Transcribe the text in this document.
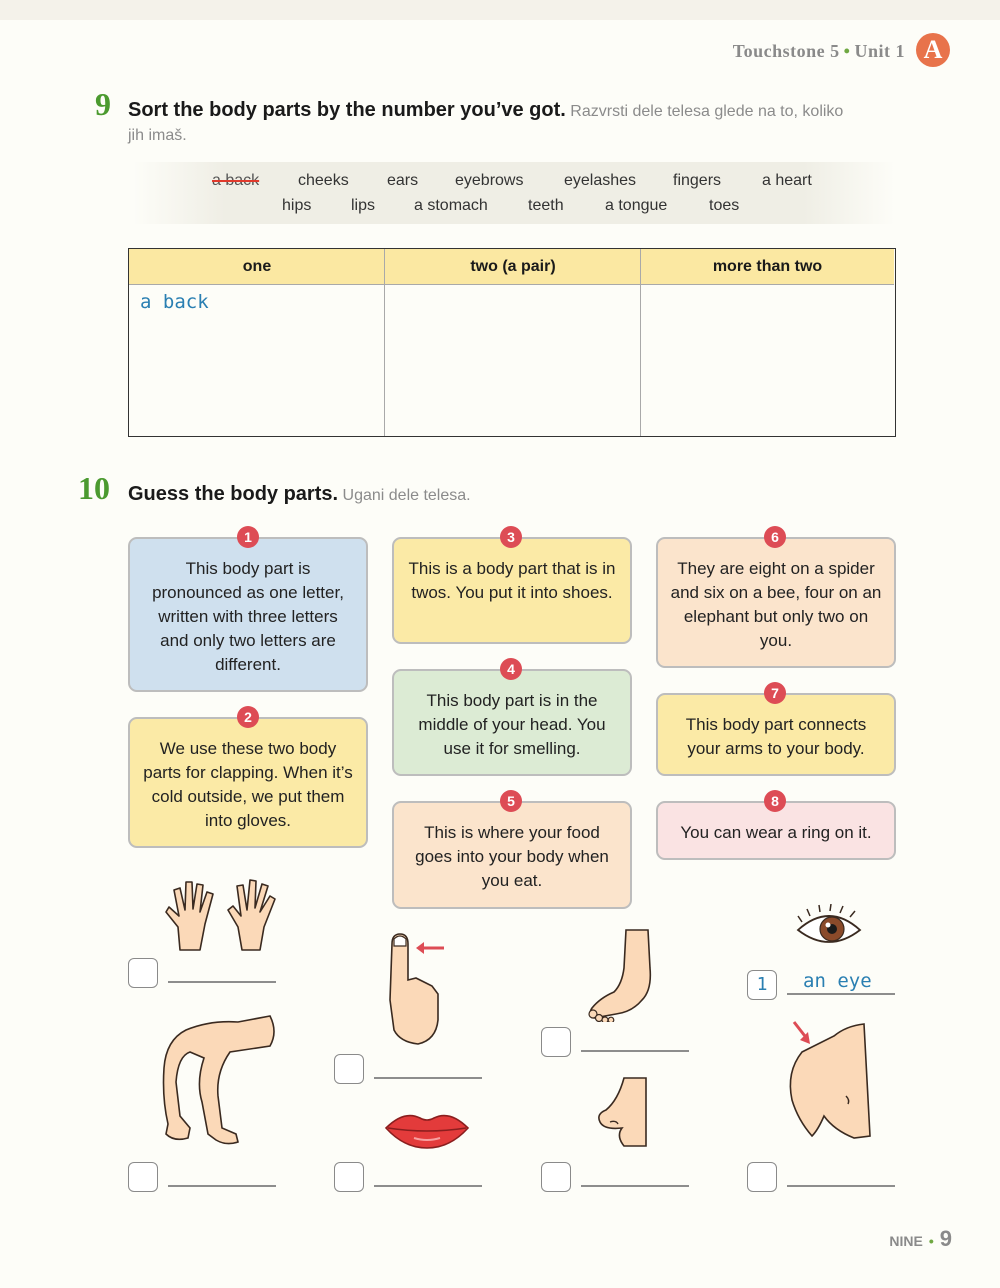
Touchstone 5 • Unit 1 A
9 Sort the body parts by the number you’ve got. Razvrsti dele telesa glede na to, koliko jih imaš.
a back cheeks ears eyebrows	eyelashes fingers	a heart
hips lips a stomach	teeth	a tongue	toes
one	two (a pair)	more than two
a back
10 Guess the body parts. Ugani dele telesa.
This body part is pronounced as one letter, written with three letters and only two letters are different.
1
We use these two body parts for clapping. When it’s cold outside, we put them into gloves.
2
This is a body part that is in twos. You put it into shoes.
3
This body part is in the middle of your head. You use it for smelling.
4
This is where your food goes into your body when you eat.
5
They are eight on a spider and six on a bee, four on an elephant but only two on you.
6
This body part connects your arms to your body.
7
You can wear a ring on it.
8
1	an eye
NINE • 9
